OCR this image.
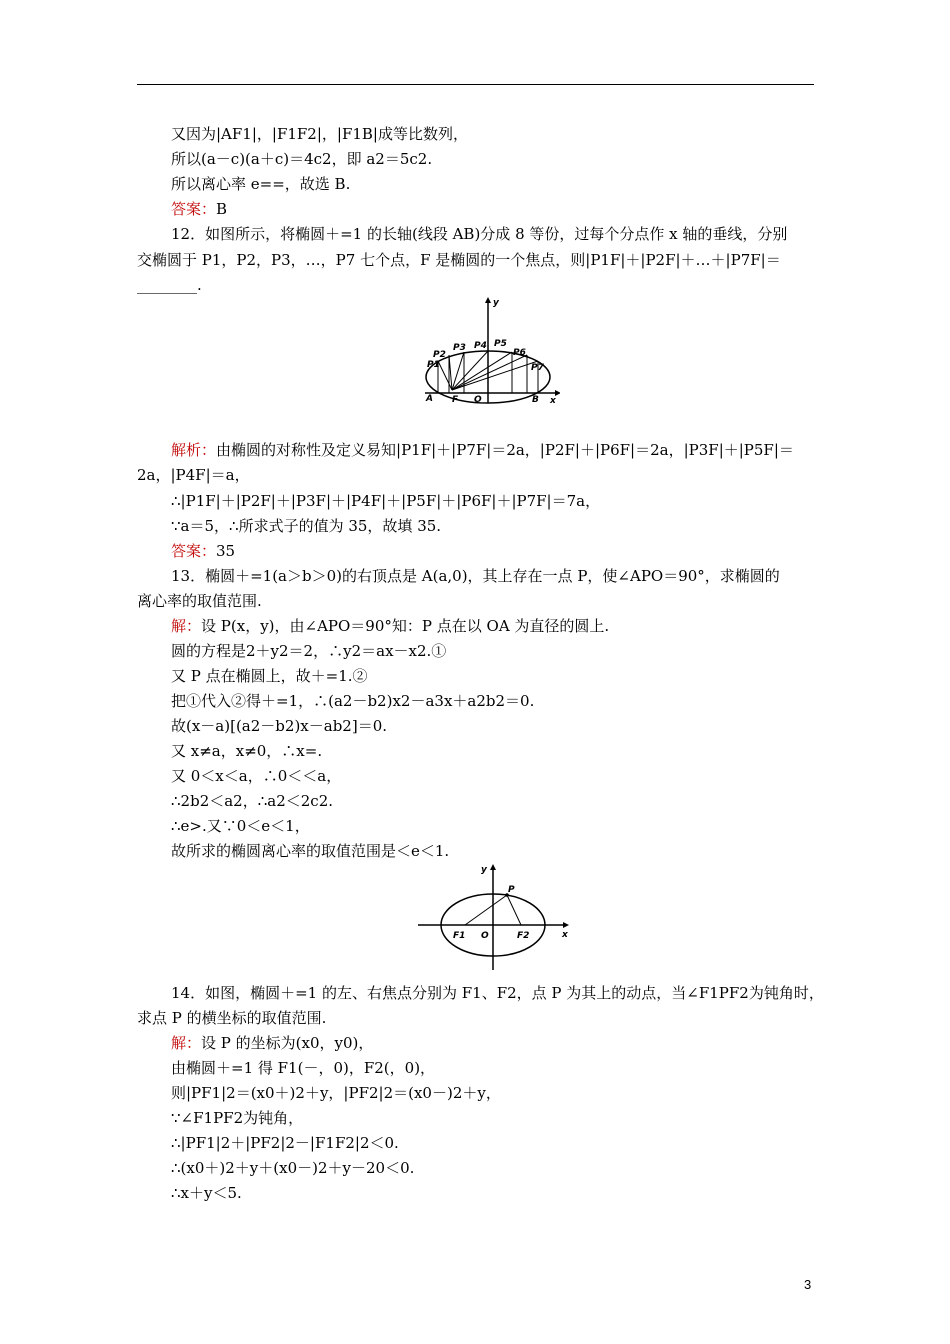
又因为|AF1|，|F1F2|，|F1B|成等比数列，
所以(a－c)(a＋c)＝4c2，即 a2＝5c2.
所以离心率 e==，故选 B.
答案：B
12．如图所示，将椭圆＋=1 的长轴(线段 AB)分成 8 等份，过每个分点作 x 轴的垂线，分别
交椭圆于 P1，P2，P3，…，P7 七个点，F 是椭圆的一个焦点，则|P1F|＋|P2F|＋…＋|P7F|＝
________.
y
x
P1
P2
P3 P4 P5
P6
P7
A F O	B
解析：由椭圆的对称性及定义易知|P1F|＋|P7F|＝2a，|P2F|＋|P6F|＝2a，|P3F|＋|P5F|＝
2a，|P4F|＝a，
∴|P1F|＋|P2F|＋|P3F|＋|P4F|＋|P5F|＋|P6F|＋|P7F|＝7a，
∵a＝5，∴所求式子的值为 35，故填 35.
答案：35
13．椭圆＋=1(a＞b＞0)的右顶点是 A(a,0)，其上存在一点 P，使∠APO＝90°，求椭圆的
离心率的取值范围.
解：设 P(x，y)，由∠APO＝90°知：P 点在以 OA 为直径的圆上.
圆的方程是2＋y2＝2，∴y2＝ax－x2.①
又 P 点在椭圆上，故＋=1.②
把①代入②得＋=1，∴(a2－b2)x2－a3x＋a2b2＝0.
故(x－a)[(a2－b2)x－ab2]＝0.
又 x≠a，x≠0，∴x=.
又 0＜x＜a，∴0＜＜a，
∴2b2＜a2，∴a2＜2c2.
∴e>.又∵0＜e＜1，
故所求的椭圆离心率的取值范围是＜e＜1.
y
x
P
F1 O	F2
14．如图，椭圆＋=1 的左、右焦点分别为 F1、F2，点 P 为其上的动点，当∠F1PF2为钝角时，
求点 P 的横坐标的取值范围.
解：设 P 的坐标为(x0，y0)，
由椭圆＋=1 得 F1(－，0)，F2(，0)，
则|PF1|2＝(x0＋)2＋y，|PF2|2＝(x0－)2＋y，
∵∠F1PF2为钝角，
∴|PF1|2＋|PF2|2－|F1F2|2＜0.
∴(x0＋)2＋y＋(x0－)2＋y－20＜0.
∴x＋y＜5.
3
